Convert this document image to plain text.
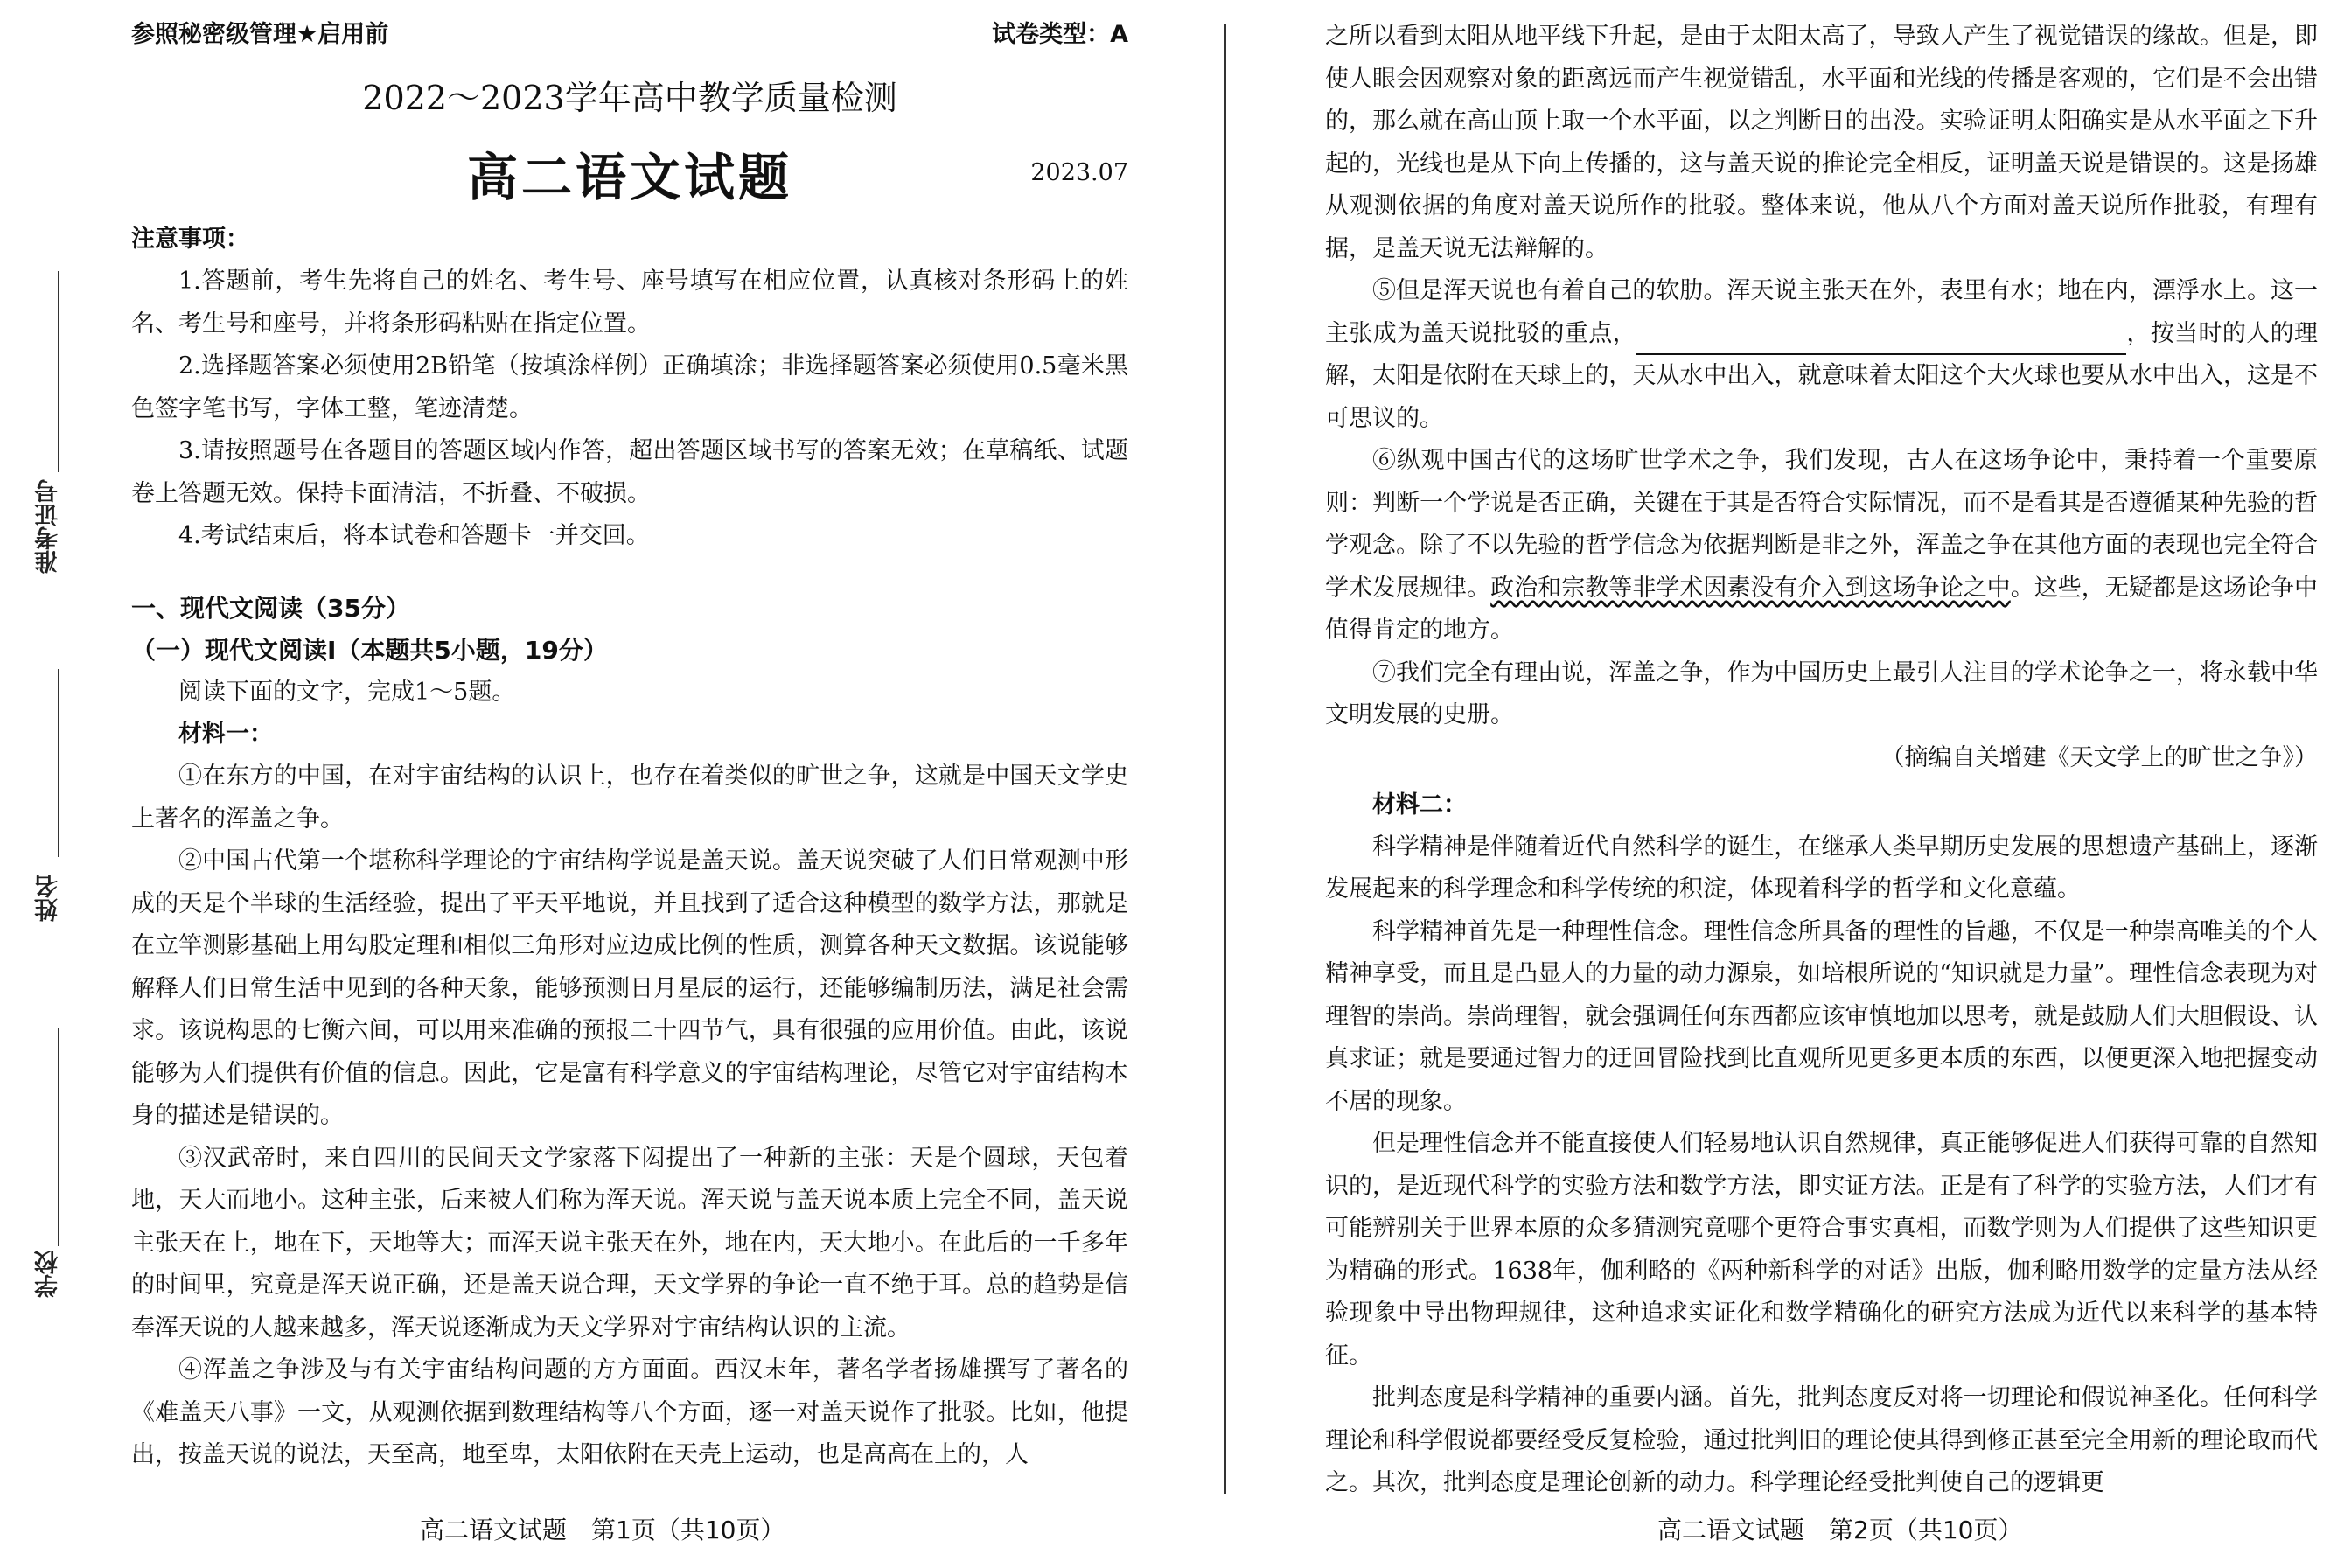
准考证号
姓名
学校
参照秘密级管理★启用前	试卷类型：A
2022～2023学年高中教学质量检测
高二语文试题	2023.07
注意事项：

1.答题前，考生先将自己的姓名、考生号、座号填写在相应位置，认真核对条形码上的姓名、考生号和座号，并将条形码粘贴在指定位置。

2.选择题答案必须使用2B铅笔（按填涂样例）正确填涂；非选择题答案必须使用0.5毫米黑色签字笔书写，字体工整，笔迹清楚。

3.请按照题号在各题目的答题区域内作答，超出答题区域书写的答案无效；在草稿纸、试题卷上答题无效。保持卡面清洁，不折叠、不破损。

4.考试结束后，将本试卷和答题卡一并交回。

一、现代文阅读（35分）
（一）现代文阅读Ⅰ（本题共5小题，19分）

阅读下面的文字，完成1～5题。

材料一：

①在东方的中国，在对宇宙结构的认识上，也存在着类似的旷世之争，这就是中国天文学史上著名的浑盖之争。

②中国古代第一个堪称科学理论的宇宙结构学说是盖天说。盖天说突破了人们日常观测中形成的天是个半球的生活经验，提出了平天平地说，并且找到了适合这种模型的数学方法，那就是在立竿测影基础上用勾股定理和相似三角形对应边成比例的性质，测算各种天文数据。该说能够解释人们日常生活中见到的各种天象，能够预测日月星辰的运行，还能够编制历法，满足社会需求。该说构思的七衡六间，可以用来准确的预报二十四节气，具有很强的应用价值。由此，该说能够为人们提供有价值的信息。因此，它是富有科学意义的宇宙结构理论，尽管它对宇宙结构本身的描述是错误的。

③汉武帝时，来自四川的民间天文学家落下闳提出了一种新的主张：天是个圆球，天包着地，天大而地小。这种主张，后来被人们称为浑天说。浑天说与盖天说本质上完全不同，盖天说主张天在上，地在下，天地等大；而浑天说主张天在外，地在内，天大地小。在此后的一千多年的时间里，究竟是浑天说正确，还是盖天说合理，天文学界的争论一直不绝于耳。总的趋势是信奉浑天说的人越来越多，浑天说逐渐成为天文学界对宇宙结构认识的主流。

④浑盖之争涉及与有关宇宙结构问题的方方面面。西汉末年，著名学者扬雄撰写了著名的《难盖天八事》一文，从观测依据到数理结构等八个方面，逐一对盖天说作了批驳。比如，他提出，按盖天说的说法，天至高，地至卑，太阳依附在天壳上运动，也是高高在上的，人

高二语文试题　第1页（共10页）

之所以看到太阳从地平线下升起，是由于太阳太高了，导致人产生了视觉错误的缘故。但是，即使人眼会因观察对象的距离远而产生视觉错乱，水平面和光线的传播是客观的，它们是不会出错的，那么就在高山顶上取一个水平面，以之判断日的出没。实验证明太阳确实是从水平面之下升起的，光线也是从下向上传播的，这与盖天说的推论完全相反，证明盖天说是错误的。这是扬雄从观测依据的角度对盖天说所作的批驳。整体来说，他从八个方面对盖天说所作批驳，有理有据，是盖天说无法辩解的。

⑤但是浑天说也有着自己的软肋。浑天说主张天在外，表里有水；地在内，漂浮水上。这一主张成为盖天说批驳的重点，	，按当时的人的理解，太阳是依附在天球上的，天从水中出入，就意味着太阳这个大火球也要从水中出入，这是不可思议的。

⑥纵观中国古代的这场旷世学术之争，我们发现，古人在这场争论中，秉持着一个重要原则：判断一个学说是否正确，关键在于其是否符合实际情况，而不是看其是否遵循某种先验的哲学观念。除了不以先验的哲学信念为依据判断是非之外，浑盖之争在其他方面的表现也完全符合学术发展规律。政治和宗教等非学术因素没有介入到这场争论之中。这些，无疑都是这场论争中值得肯定的地方。

⑦我们完全有理由说，浑盖之争，作为中国历史上最引人注目的学术论争之一，将永载中华文明发展的史册。

（摘编自关增建《天文学上的旷世之争》）
材料二：

科学精神是伴随着近代自然科学的诞生，在继承人类早期历史发展的思想遗产基础上，逐渐发展起来的科学理念和科学传统的积淀，体现着科学的哲学和文化意蕴。

科学精神首先是一种理性信念。理性信念所具备的理性的旨趣，不仅是一种崇高唯美的个人精神享受，而且是凸显人的力量的动力源泉，如培根所说的“知识就是力量”。理性信念表现为对理智的崇尚。崇尚理智，就会强调任何东西都应该审慎地加以思考，就是鼓励人们大胆假设、认真求证；就是要通过智力的迂回冒险找到比直观所见更多更本质的东西，以便更深入地把握变动不居的现象。

但是理性信念并不能直接使人们轻易地认识自然规律，真正能够促进人们获得可靠的自然知识的，是近现代科学的实验方法和数学方法，即实证方法。正是有了科学的实验方法，人们才有可能辨别关于世界本原的众多猜测究竟哪个更符合事实真相，而数学则为人们提供了这些知识更为精确的形式。1638年，伽利略的《两种新科学的对话》出版，伽利略用数学的定量方法从经验现象中导出物理规律，这种追求实证化和数学精确化的研究方法成为近代以来科学的基本特征。

批判态度是科学精神的重要内涵。首先，批判态度反对将一切理论和假说神圣化。任何科学理论和科学假说都要经受反复检验，通过批判旧的理论使其得到修正甚至完全用新的理论取而代之。其次，批判态度是理论创新的动力。科学理论经受批判使自己的逻辑更

高二语文试题　第2页（共10页）
